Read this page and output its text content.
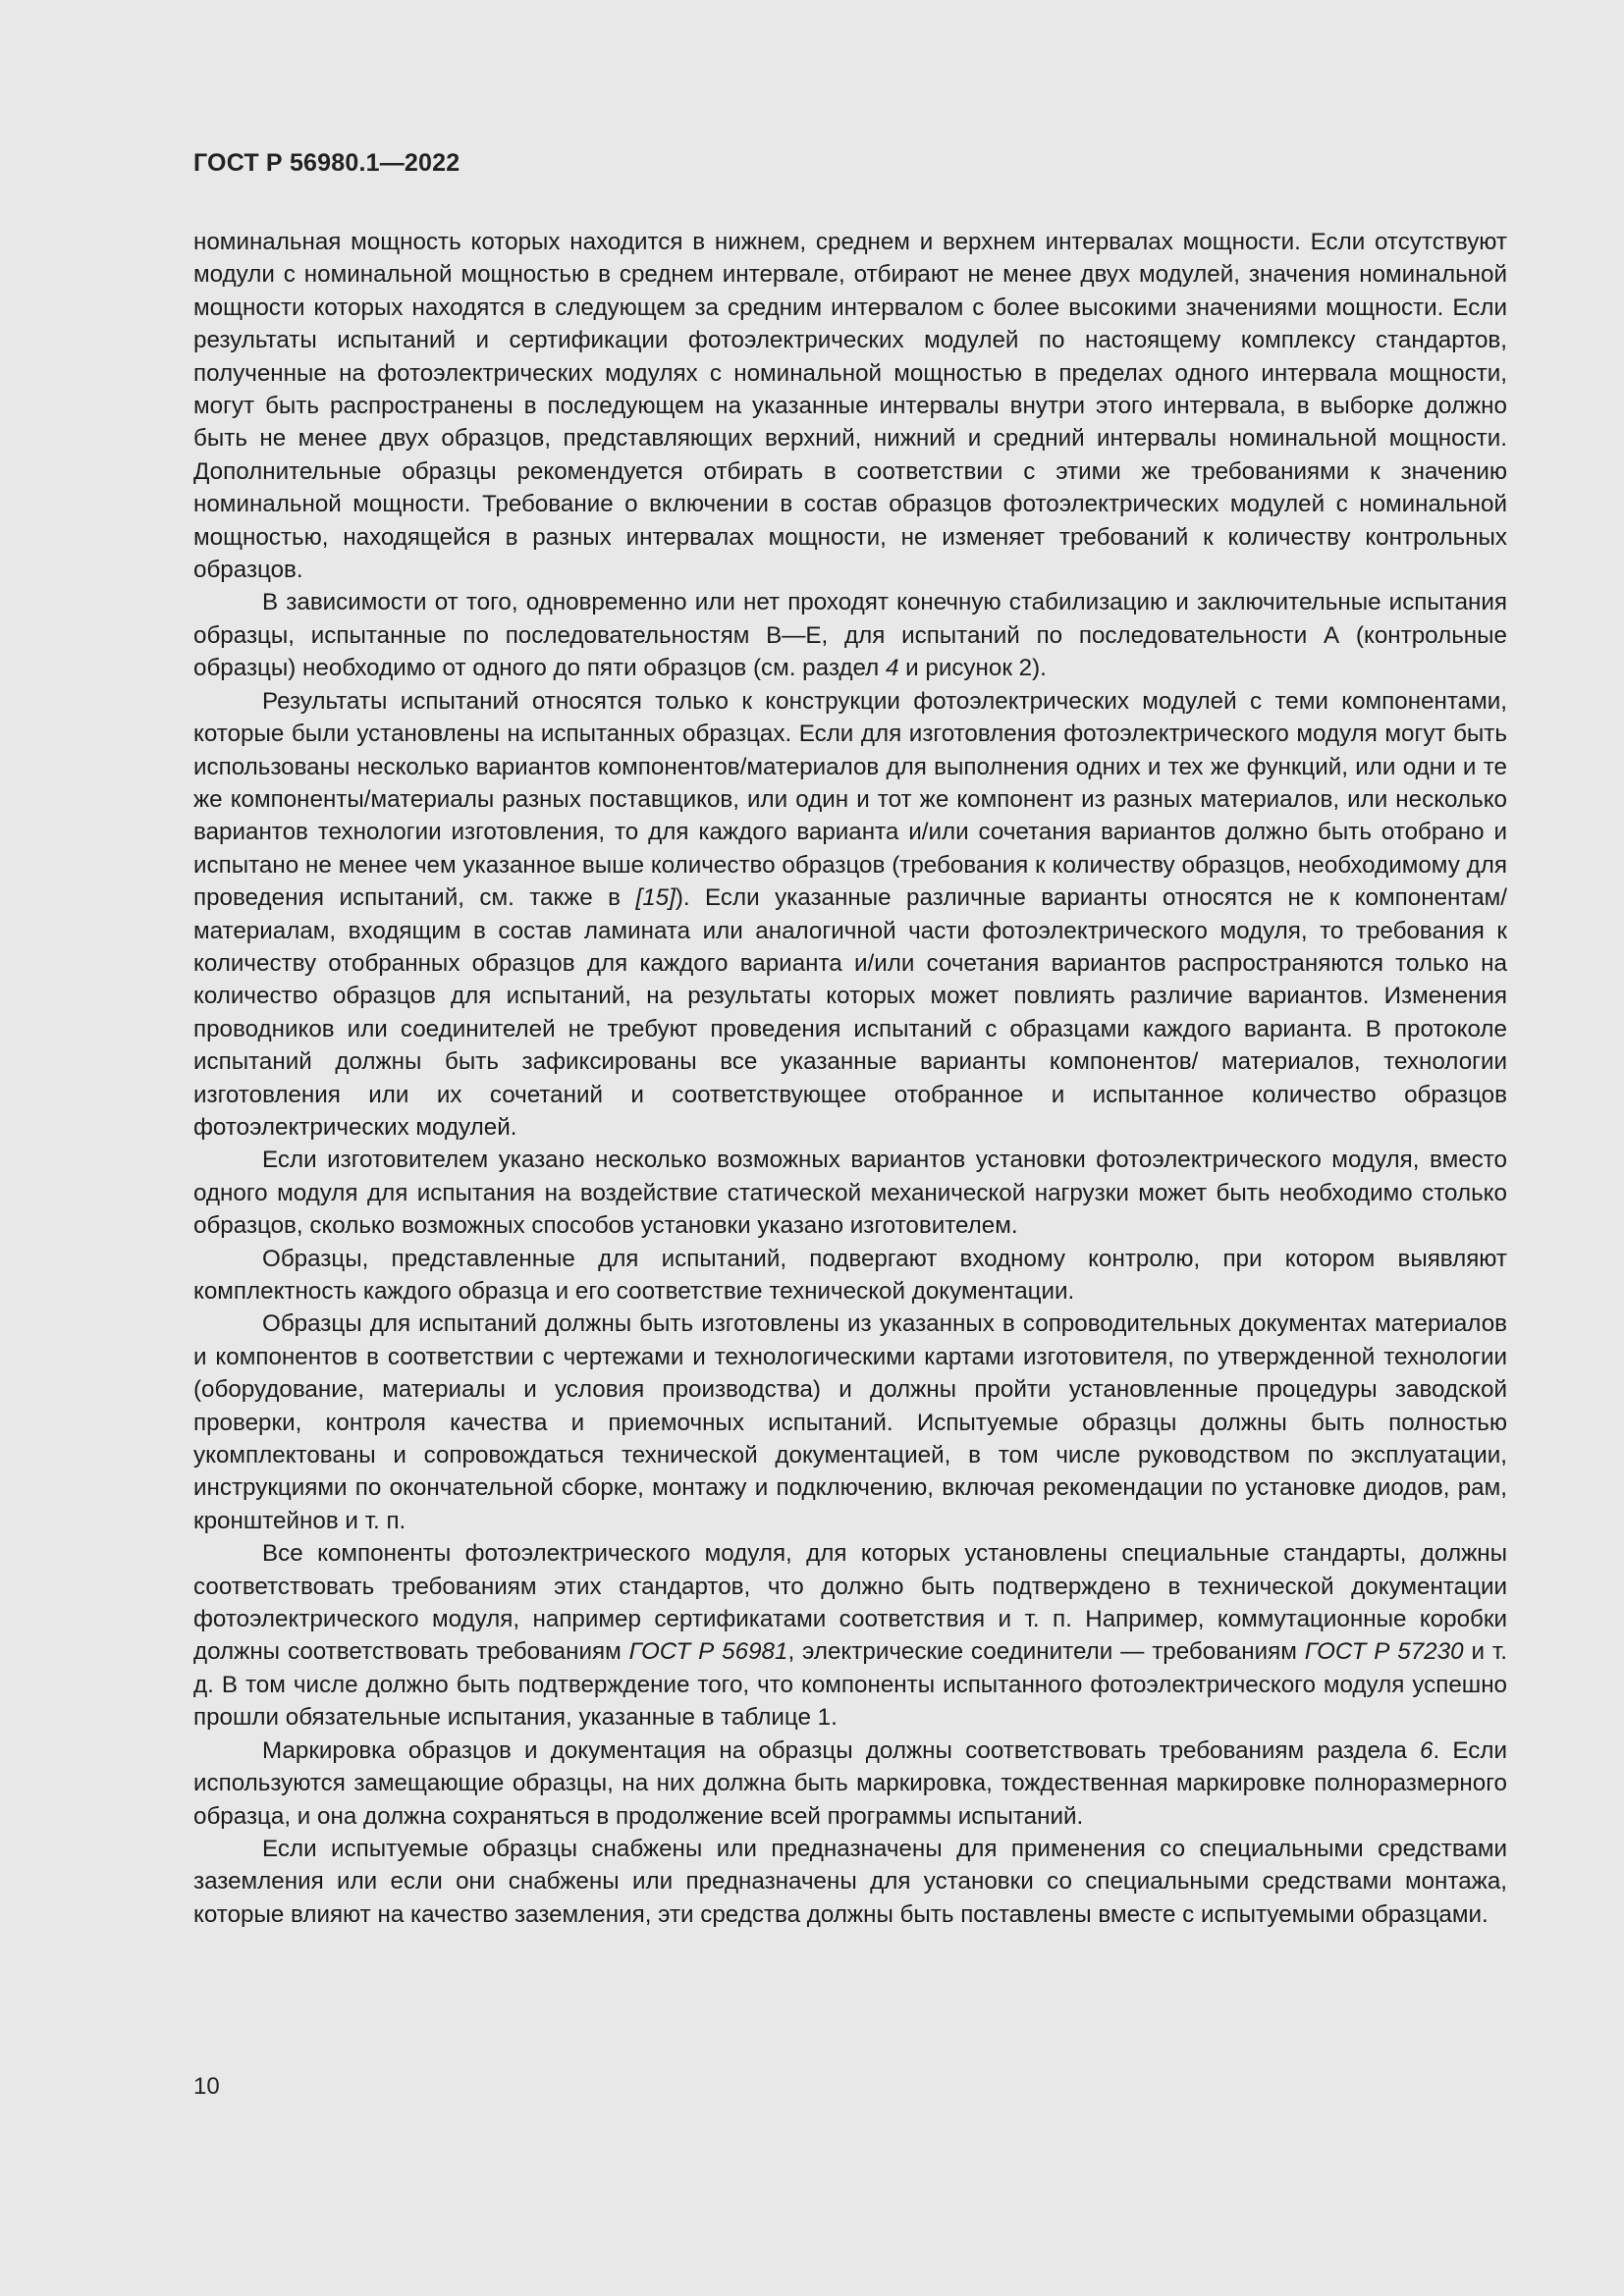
ГОСТ Р 56980.1—2022

номинальная мощность которых находится в нижнем, среднем и верхнем интервалах мощности. Если отсутствуют модули с номинальной мощностью в среднем интервале, отбирают не менее двух модулей, значения номинальной мощности которых находятся в следующем за средним интервалом с более высокими значениями мощности. Если результаты испытаний и сертификации фотоэлектрических модулей по настоящему комплексу стандартов, полученные на фотоэлектрических модулях с номинальной мощностью в пределах одного интервала мощности, могут быть распространены в последующем на указанные интервалы внутри этого интервала, в выборке должно быть не менее двух образцов, представляющих верхний, нижний и средний интервалы номинальной мощности. Дополнительные образцы рекомендуется отбирать в соответствии с этими же требованиями к значению номинальной мощности. Требование о включении в состав образцов фотоэлектрических модулей с номинальной мощностью, находящейся в разных интервалах мощности, не изменяет требований к количеству контрольных образцов.

В зависимости от того, одновременно или нет проходят конечную стабилизацию и заключительные испытания образцы, испытанные по последовательностям B—E, для испытаний по последовательности А (контрольные образцы) необходимо от одного до пяти образцов (см. раздел 4 и рисунок 2).

Результаты испытаний относятся только к конструкции фотоэлектрических модулей с теми компонентами, которые были установлены на испытанных образцах. Если для изготовления фотоэлектрического модуля могут быть использованы несколько вариантов компонентов/материалов для выполнения одних и тех же функций, или одни и те же компоненты/материалы разных поставщиков, или один и тот же компонент из разных материалов, или несколько вариантов технологии изготовления, то для каждого варианта и/или сочетания вариантов должно быть отобрано и испытано не менее чем указанное выше количество образцов (требования к количеству образцов, необходимому для проведения испытаний, см. также в [15]). Если указанные различные варианты относятся не к компонентам/материалам, входящим в состав ламината или аналогичной части фотоэлектрического модуля, то требования к количеству отобранных образцов для каждого варианта и/или сочетания вариантов распространяются только на количество образцов для испытаний, на результаты которых может повлиять различие вариантов. Изменения проводников или соединителей не требуют проведения испытаний с образцами каждого варианта. В протоколе испытаний должны быть зафиксированы все указанные варианты компонентов/ материалов, технологии изготовления или их сочетаний и соответствующее отобранное и испытанное количество образцов фотоэлектрических модулей.

Если изготовителем указано несколько возможных вариантов установки фотоэлектрического модуля, вместо одного модуля для испытания на воздействие статической механической нагрузки может быть необходимо столько образцов, сколько возможных способов установки указано изготовителем.

Образцы, представленные для испытаний, подвергают входному контролю, при котором выявляют комплектность каждого образца и его соответствие технической документации.

Образцы для испытаний должны быть изготовлены из указанных в сопроводительных документах материалов и компонентов в соответствии с чертежами и технологическими картами изготовителя, по утвержденной технологии (оборудование, материалы и условия производства) и должны пройти установленные процедуры заводской проверки, контроля качества и приемочных испытаний. Испытуемые образцы должны быть полностью укомплектованы и сопровождаться технической документацией, в том числе руководством по эксплуатации, инструкциями по окончательной сборке, монтажу и подключению, включая рекомендации по установке диодов, рам, кронштейнов и т. п.

Все компоненты фотоэлектрического модуля, для которых установлены специальные стандарты, должны соответствовать требованиям этих стандартов, что должно быть подтверждено в технической документации фотоэлектрического модуля, например сертификатами соответствия и т. п. Например, коммутационные коробки должны соответствовать требованиям ГОСТ Р 56981, электрические соединители — требованиям ГОСТ Р 57230 и т. д. В том числе должно быть подтверждение того, что компоненты испытанного фотоэлектрического модуля успешно прошли обязательные испытания, указанные в таблице 1.

Маркировка образцов и документация на образцы должны соответствовать требованиям раздела 6. Если используются замещающие образцы, на них должна быть маркировка, тождественная маркировке полноразмерного образца, и она должна сохраняться в продолжение всей программы испытаний.

Если испытуемые образцы снабжены или предназначены для применения со специальными средствами заземления или если они снабжены или предназначены для установки со специальными средствами монтажа, которые влияют на качество заземления, эти средства должны быть поставлены вместе с испытуемыми образцами.

10
